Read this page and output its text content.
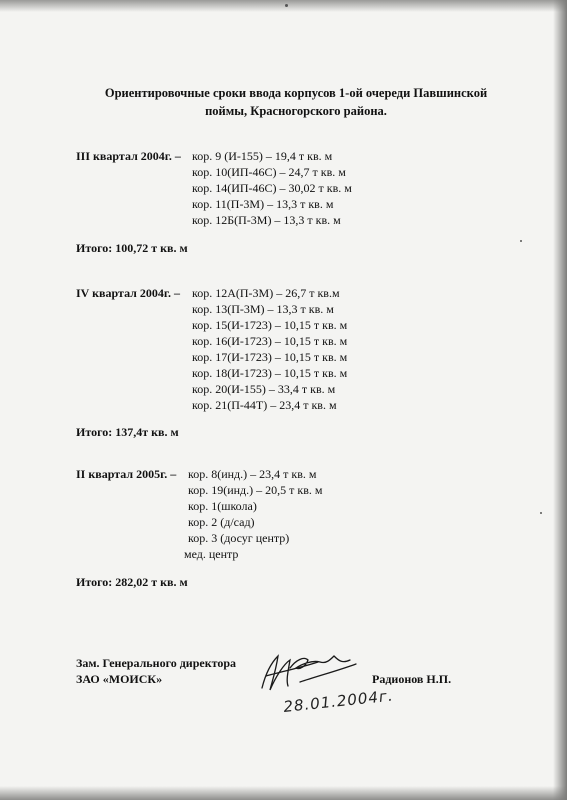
Ориентировочные сроки ввода корпусов 1-ой очереди Павшинской поймы, Красногорского района.
III квартал 2004г. – кор. 9 (И-155) – 19,4 т кв. м
кор. 10(ИП-46С) – 24,7 т кв. м
кор. 14(ИП-46С) – 30,02 т кв. м
кор. 11(П-3М) – 13,3 т кв. м
кор. 12Б(П-3М) – 13,3 т кв. м
Итого: 100,72 т кв. м
IV квартал 2004г. – кор. 12А(П-3М) – 26,7 т кв.м
кор. 13(П-3М) – 13,3 т кв. м
кор. 15(И-1723) – 10,15 т кв. м
кор. 16(И-1723) – 10,15 т кв. м
кор. 17(И-1723) – 10,15 т кв. м
кор. 18(И-1723) – 10,15 т кв. м
кор. 20(И-155) – 33,4 т кв. м
кор. 21(П-44Т) – 23,4 т кв. м
Итого: 137,4т кв. м
II квартал 2005г. – кор. 8(инд.) – 23,4 т кв. м
кор. 19(инд.) – 20,5 т кв. м
кор. 1(школа)
кор. 2 (д/сад)
кор. 3 (досуг центр)
мед. центр
Итого: 282,02 т кв. м
Зам. Генерального директора
ЗАО «МОИСК»	Радионов Н.П.
28.01.2004г.
